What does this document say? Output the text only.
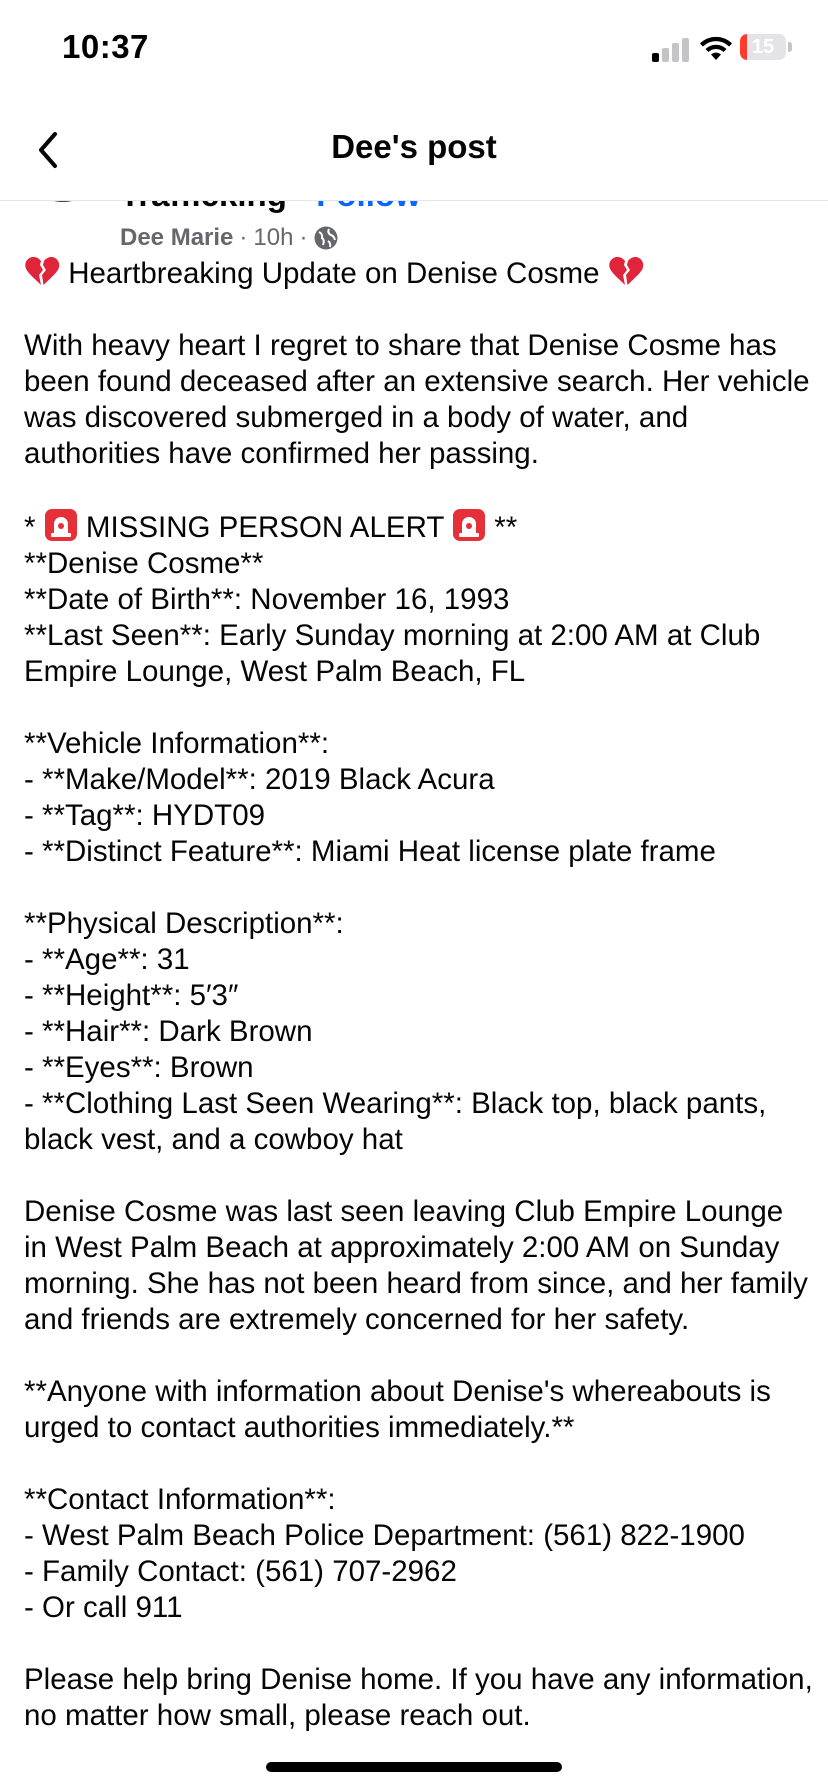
10:37	15
Dee's post
Dee Marie · 10h ·

Heartbreaking Update on Denise Cosme

With heavy heart I regret to share that Denise Cosme has been found deceased after an extensive search. Her vehicle was discovered submerged in a body of water, and authorities have confirmed her passing.

* MISSING PERSON ALERT **

**Denise Cosme**

**Date of Birth**: November 16, 1993

**Last Seen**: Early Sunday morning at 2:00 AM at Club Empire Lounge, West Palm Beach, FL

**Vehicle Information**:

- **Make/Model**: 2019 Black Acura

- **Tag**: HYDT09

- **Distinct Feature**: Miami Heat license plate frame

**Physical Description**:

- **Age**: 31

- **Height**: 5′3″

- **Hair**: Dark Brown

- **Eyes**: Brown

- **Clothing Last Seen Wearing**: Black top, black pants, black vest, and a cowboy hat

Denise Cosme was last seen leaving Club Empire Lounge in West Palm Beach at approximately 2:00 AM on Sunday morning. She has not been heard from since, and her family and friends are extremely concerned for her safety.

**Anyone with information about Denise's whereabouts is urged to contact authorities immediately.**

**Contact Information**:

- West Palm Beach Police Department: (561) 822-1900

- Family Contact: (561) 707-2962

- Or call 911

Please help bring Denise home. If you have any information, no matter how small, please reach out.
